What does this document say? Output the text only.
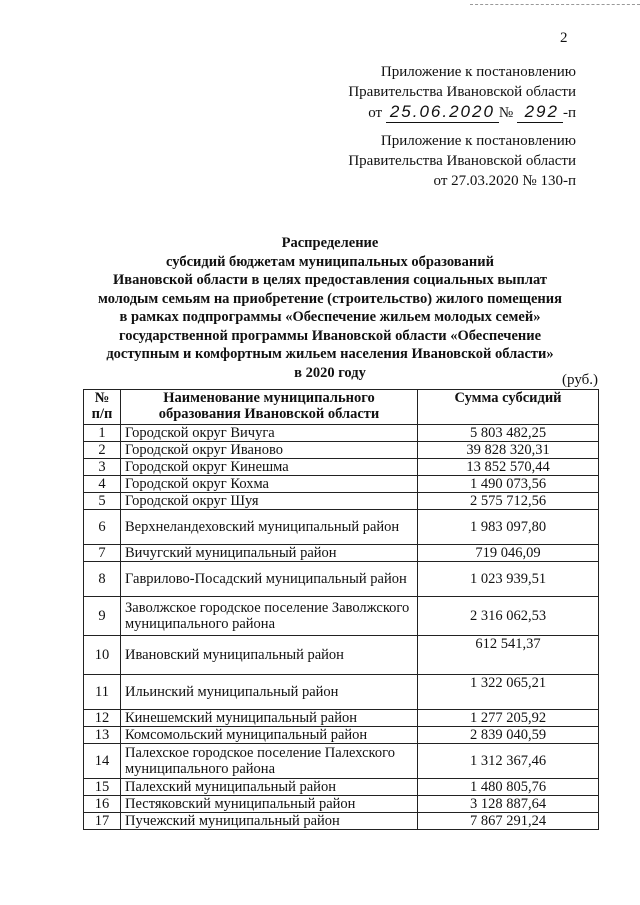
2
Приложение к постановлению
Правительства Ивановской области
от 25.06.2020 № 292 -п
Приложение к постановлению
Правительства Ивановской области
от 27.03.2020 № 130-п
Распределение
субсидий бюджетам муниципальных образований
Ивановской области в целях предоставления социальных выплат
молодым семьям на приобретение (строительство) жилого помещения
в рамках подпрограммы «Обеспечение жильем молодых семей»
государственной программы Ивановской области «Обеспечение
доступным и комфортным жильем населения Ивановской области»
в 2020 году	(руб.)
№ п/п	Наименование муниципального образования Ивановской области	Сумма субсидий
1	Городской округ Вичуга	5 803 482,25
2	Городской округ Иваново	39 828 320,31
3	Городской округ Кинешма	13 852 570,44
4	Городской округ Кохма	1 490 073,56
5	Городской округ Шуя	2 575 712,56
6	Верхнеландеховский муниципальный район	1 983 097,80
7	Вичугский муниципальный район	719 046,09
8	Гаврилово-Посадский муниципальный район	1 023 939,51
9	Заволжское городское поселение Заволжского муниципального района	2 316 062,53
10	Ивановский муниципальный район	612 541,37
11	Ильинский муниципальный район	1 322 065,21
12	Кинешемский муниципальный район	1 277 205,92
13	Комсомольский муниципальный район	2 839 040,59
14	Палехское городское поселение Палехского муниципального района	1 312 367,46
15	Палехский муниципальный район	1 480 805,76
16	Пестяковский муниципальный район	3 128 887,64
17	Пучежский муниципальный район	7 867 291,24
